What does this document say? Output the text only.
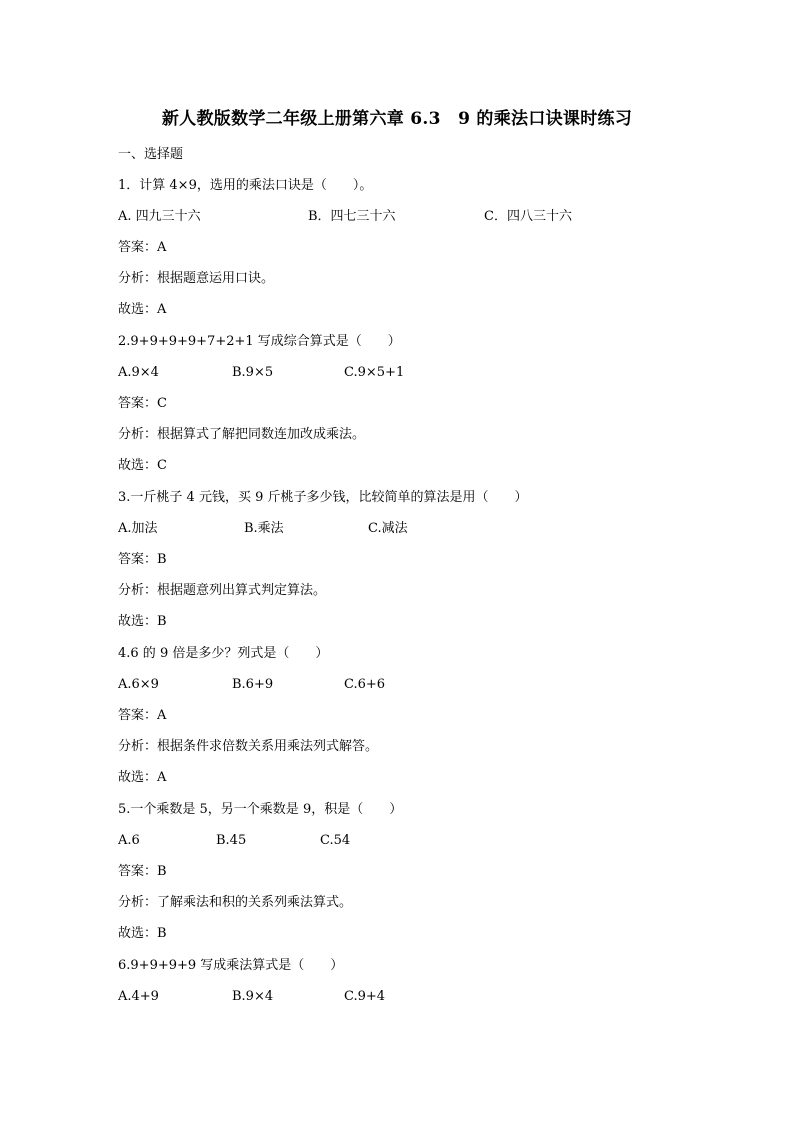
新人教版数学二年级上册第六章 6.3　9 的乘法口诀课时练习
一、选择题
1．计算 4×9，选用的乘法口诀是（　　）。
A. 四九三十六	B．四七三十六	C．四八三十六
答案：A
分析：根据题意运用口诀。
故选：A
2.9+9+9+9+7+2+1 写成综合算式是（　　）
A.9×4	B.9×5	C.9×5+1
答案：C
分析：根据算式了解把同数连加改成乘法。
故选：C
3.一斤桃子 4 元钱，买 9 斤桃子多少钱，比较简单的算法是用（　　）
A.加法	B.乘法	C.减法
答案：B
分析：根据题意列出算式判定算法。
故选：B
4.6 的 9 倍是多少？列式是（　　）
A.6×9	B.6+9	C.6+6
答案：A
分析：根据条件求倍数关系用乘法列式解答。
故选：A
5.一个乘数是 5，另一个乘数是 9，积是（　　）
A.6	B.45	C.54
答案：B
分析：了解乘法和积的关系列乘法算式。
故选：B
6.9+9+9+9 写成乘法算式是（　　）
A.4+9	B.9×4	C.9+4
